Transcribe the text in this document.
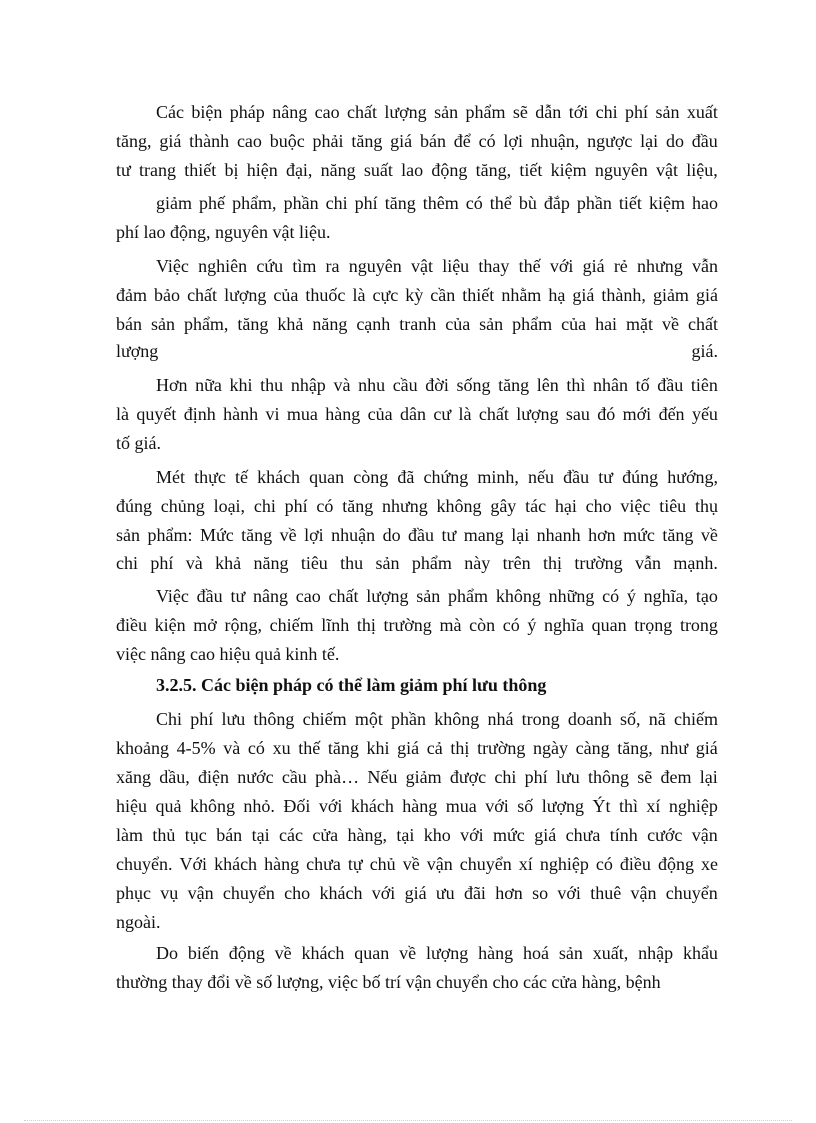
Các biện pháp nâng cao chất lượng sản phẩm sẽ dẫn tới chi phí sản xuất
tăng, giá thành cao buộc phải tăng giá bán để có lợi nhuận, ngược lại do đầu
tư trang thiết bị hiện đại, năng suất lao động tăng, tiết kiệm nguyên vật liệu,
giảm phế phẩm, phần chi phí tăng thêm có thể bù đắp phần tiết kiệm hao
phí lao động, nguyên vật liệu.
Việc nghiên cứu tìm ra nguyên vật liệu thay thế với giá rẻ nhưng vẫn
đảm bảo chất lượng của thuốc là cực kỳ cần thiết nhằm hạ giá thành, giảm giá
bán sản phẩm, tăng khả năng cạnh tranh của sản phẩm của hai mặt về chất
lượng	giá.
Hơn nữa khi thu nhập và nhu cầu đời sống tăng lên thì nhân tố đầu tiên
là quyết định hành vi mua hàng của dân cư là chất lượng sau đó mới đến yếu
tố giá.
Mét thực tế khách quan còng đã chứng minh, nếu đầu tư đúng hướng,
đúng chủng loại, chi phí có tăng nhưng không gây tác hại cho việc tiêu thụ
sản phẩm: Mức tăng về lợi nhuận do đầu tư mang lại nhanh hơn mức tăng về
chi phí và khả năng tiêu thu sản phẩm này trên thị trường vẫn mạnh.
Việc đầu tư nâng cao chất lượng sản phẩm không những có ý nghĩa, tạo
điều kiện mở rộng, chiếm lĩnh thị trường mà còn có ý nghĩa quan trọng trong
việc nâng cao hiệu quả kinh tế.
3.2.5. Các biện pháp có thể làm giảm phí lưu thông
Chi phí lưu thông chiếm một phần không nhá trong doanh số, nã chiếm
khoảng 4-5% và có xu thế tăng khi giá cả thị trường ngày càng tăng, như giá
xăng dầu, điện nước cầu phà… Nếu giảm được chi phí lưu thông sẽ đem lại
hiệu quả không nhỏ. Đối với khách hàng mua với số lượng Ýt thì xí nghiệp
làm thủ tục bán tại các cửa hàng, tại kho với mức giá chưa tính cước vận
chuyển. Với khách hàng chưa tự chủ về vận chuyển xí nghiệp có điều động xe
phục vụ vận chuyển cho khách với giá ưu đãi hơn so với thuê vận chuyển
ngoài.
Do biến động về khách quan về lượng hàng hoá sản xuất, nhập khẩu
thường thay đổi về số lượng, việc bố trí vận chuyển cho các cửa hàng, bệnh
